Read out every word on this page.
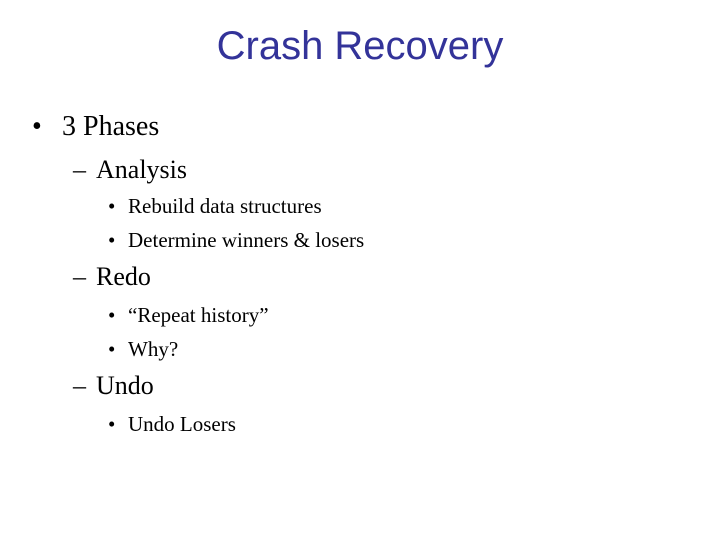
Crash Recovery
• 3 Phases
– Analysis
• Rebuild data structures
• Determine winners & losers
– Redo
• “Repeat history”
• Why?
– Undo
• Undo Losers
